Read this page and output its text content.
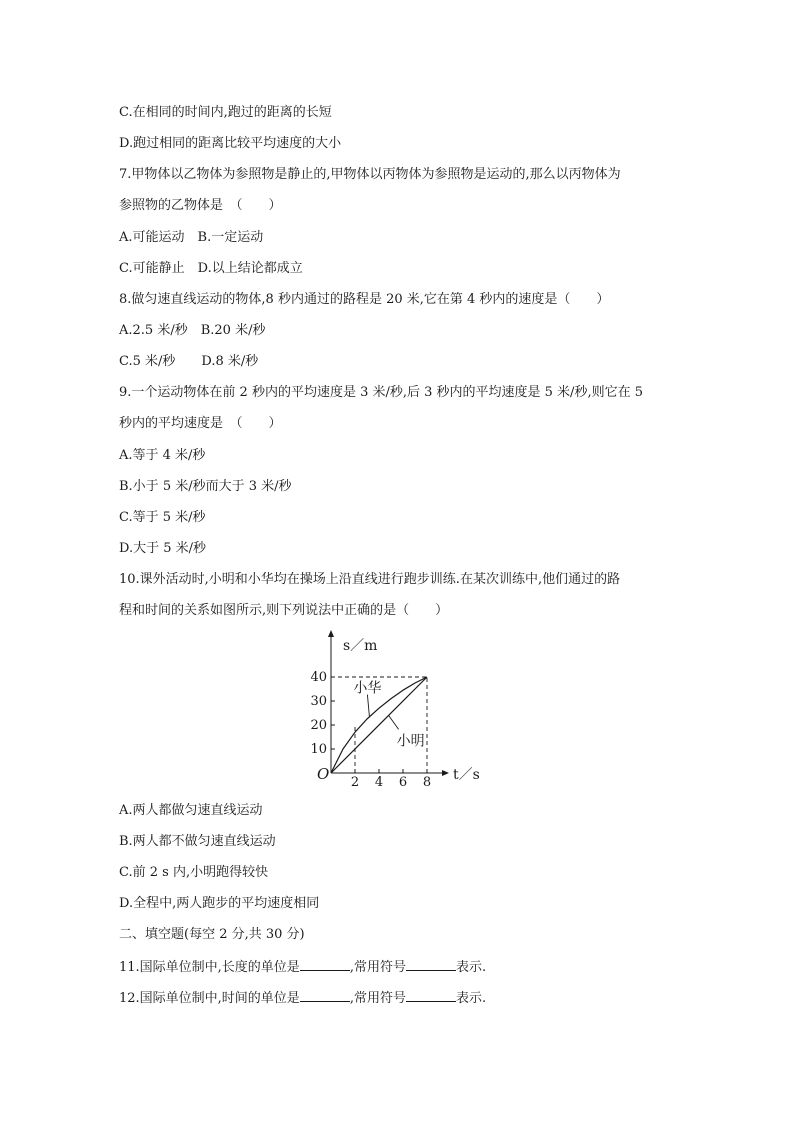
C.在相同的时间内,跑过的距离的长短
D.跑过相同的距离比较平均速度的大小
7.甲物体以乙物体为参照物是静止的,甲物体以丙物体为参照物是运动的,那么以丙物体为
参照物的乙物体是　（　　）
A.可能运动　B.一定运动
C.可能静止　D.以上结论都成立
8.做匀速直线运动的物体,8 秒内通过的路程是 20 米,它在第 4 秒内的速度是（　　）
A.2.5 米/秒　B.20 米/秒
C.5 米/秒　　D.8 米/秒
9.一个运动物体在前 2 秒内的平均速度是 3 米/秒,后 3 秒内的平均速度是 5 米/秒,则它在 5
秒内的平均速度是　（　　）
A.等于 4 米/秒
B.小于 5 米/秒而大于 3 米/秒
C.等于 5 米/秒
D.大于 5 米/秒
10.课外活动时,小明和小华均在操场上沿直线进行跑步训练.在某次训练中,他们通过的路
程和时间的关系如图所示,则下列说法中正确的是（　　）
s／m
t／s
O 2 4 6 8
10
20
30
40
小华
小明
A.两人都做匀速直线运动
B.两人都不做匀速直线运动
C.前 2 s 内,小明跑得较快
D.全程中,两人跑步的平均速度相同
二、填空题(每空 2 分,共 30 分)
11.国际单位制中,长度的单位是	,常用符号	表示.
12.国际单位制中,时间的单位是	,常用符号	表示.
